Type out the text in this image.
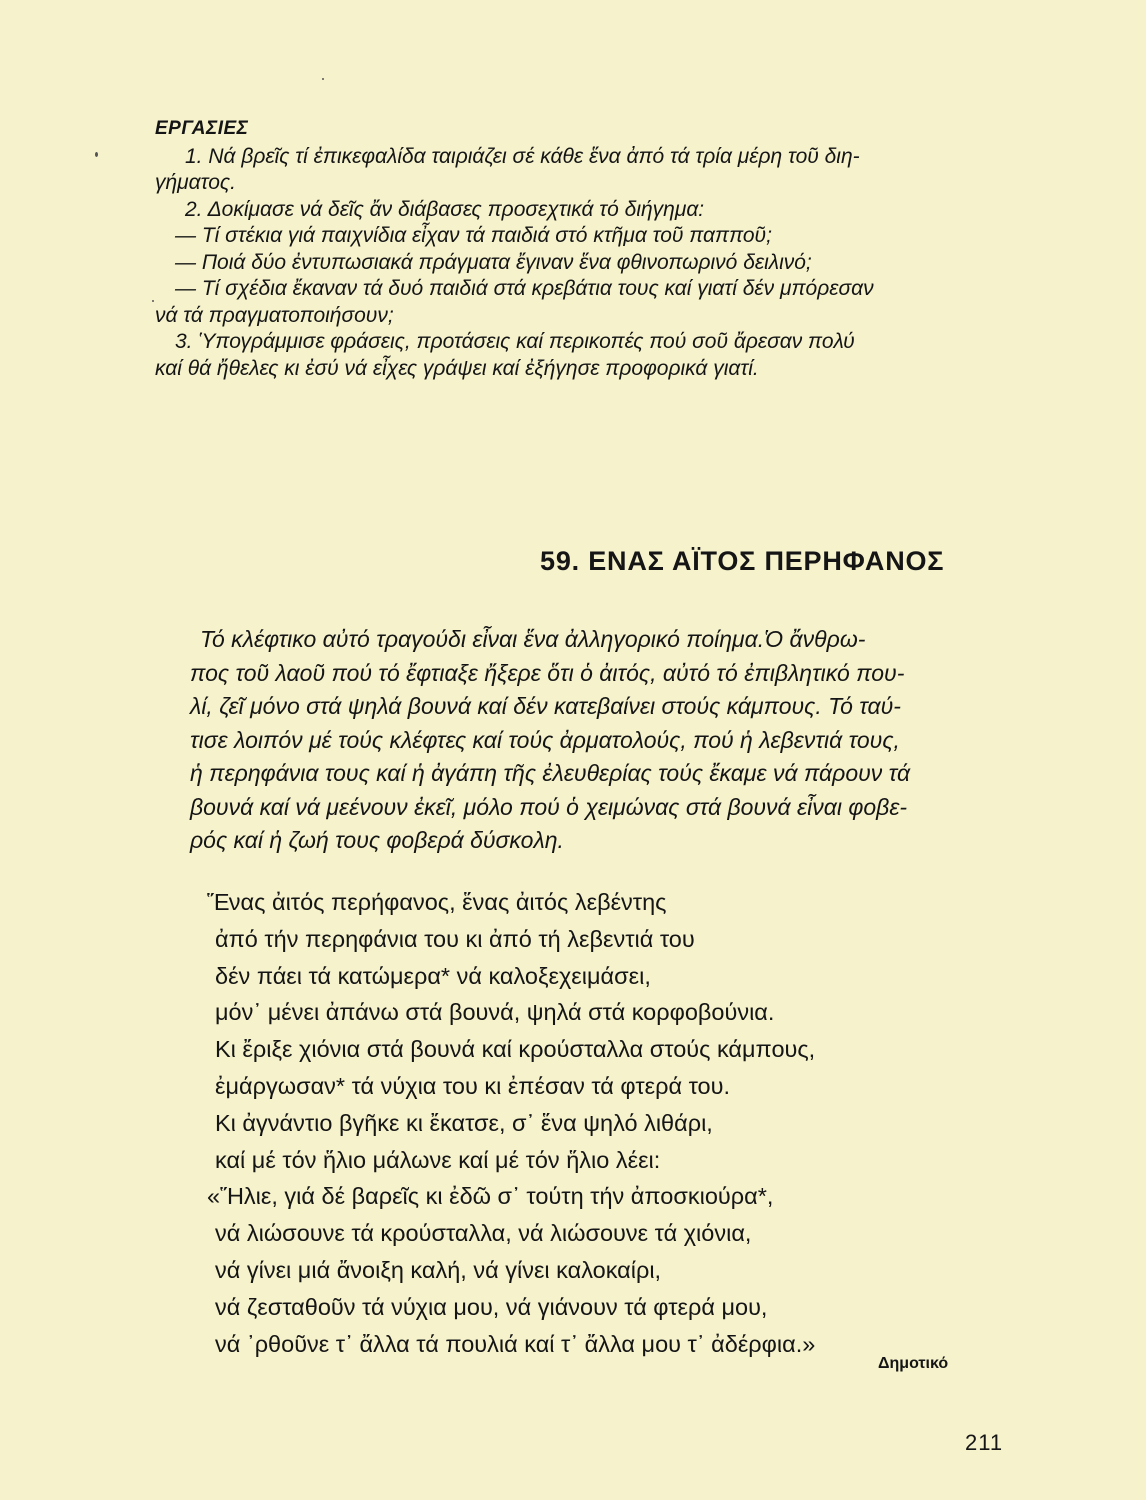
ΕΡΓΑΣΙΕΣ

1. Νά βρεῖς τί ἐπικεφαλίδα ταιριάζει σέ κάθε ἕνα ἀπό τά τρία μέρη τοῦ διη-

γήματος.

2. Δοκίμασε νά δεῖς ἄν διάβασες προσεχτικά τό διήγημα:

— Τί στέκια γιά παιχνίδια εἶχαν τά παιδιά στό κτῆμα τοῦ παπποῦ;

— Ποιά δύο ἐντυπωσιακά πράγματα ἔγιναν ἕνα φθινοπωρινό δειλινό;

— Τί σχέδια ἔκαναν τά δυό παιδιά στά κρεβάτια τους καί γιατί δέν μπόρεσαν

νά τά πραγματοποιήσουν;

3. Ὑπογράμμισε φράσεις, προτάσεις καί περικοπές πού σοῦ ἄρεσαν πολύ

καί θά ἤθελες κι ἐσύ νά εἶχες γράψει καί ἐξήγησε προφορικά γιατί.

59. ΕΝΑΣ ΑΪΤΟΣ ΠΕΡΗΦΑΝΟΣ

Τό κλέφτικο αὐτό τραγούδι εἶναι ἕνα ἀλληγορικό ποίημα.Ὁ ἄνθρω-

πος τοῦ λαοῦ πού τό ἔφτιαξε ἤξερε ὅτι ὁ ἀιτός, αὐτό τό ἐπιβλητικό που-

λί, ζεῖ μόνο στά ψηλά βουνά καί δέν κατεβαίνει στούς κάμπους. Τό ταύ-

τισε λοιπόν μέ τούς κλέφτες καί τούς ἀρματολούς, πού ἡ λεβεντιά τους,

ἡ περηφάνια τους καί ἡ ἀγάπη τῆς ἐλευθερίας τούς ἔκαμε νά πάρουν τά

βουνά καί νά μεένουν ἐκεῖ, μόλο πού ὁ χειμώνας στά βουνά εἶναι φοβε-

ρός καί ἡ ζωή τους φοβερά δύσκολη.

Ἕνας ἀιτός περήφανος, ἕνας ἀιτός λεβέντης

ἀπό τήν περηφάνια του κι ἀπό τή λεβεντιά του

δέν πάει τά κατώμερα* νά καλοξεχειμάσει,

μόν᾽ μένει ἀπάνω στά βουνά, ψηλά στά κορφοβούνια.

Κι ἔριξε χιόνια στά βουνά καί κρούσταλλα στούς κάμπους,

ἐμάργωσαν* τά νύχια του κι ἐπέσαν τά φτερά του.

Κι ἀγνάντιο βγῆκε κι ἔκατσε, σ᾽ ἕνα ψηλό λιθάρι,

καί μέ τόν ἥλιο μάλωνε καί μέ τόν ἥλιο λέει:

«Ἥλιε, γιά δέ βαρεῖς κι ἐδῶ σ᾽ τούτη τήν ἀποσκιούρα*,

νά λιώσουνε τά κρούσταλλα, νά λιώσουνε τά χιόνια,

νά γίνει μιά ἄνοιξη καλή, νά γίνει καλοκαίρι,

νά ζεσταθοῦν τά νύχια μου, νά γιάνουν τά φτερά μου,

νά ᾽ρθοῦνε τ᾽ ἄλλα τά πουλιά καί τ᾽ ἄλλα μου τ᾽ ἀδέρφια.»

Δημοτικό
211
